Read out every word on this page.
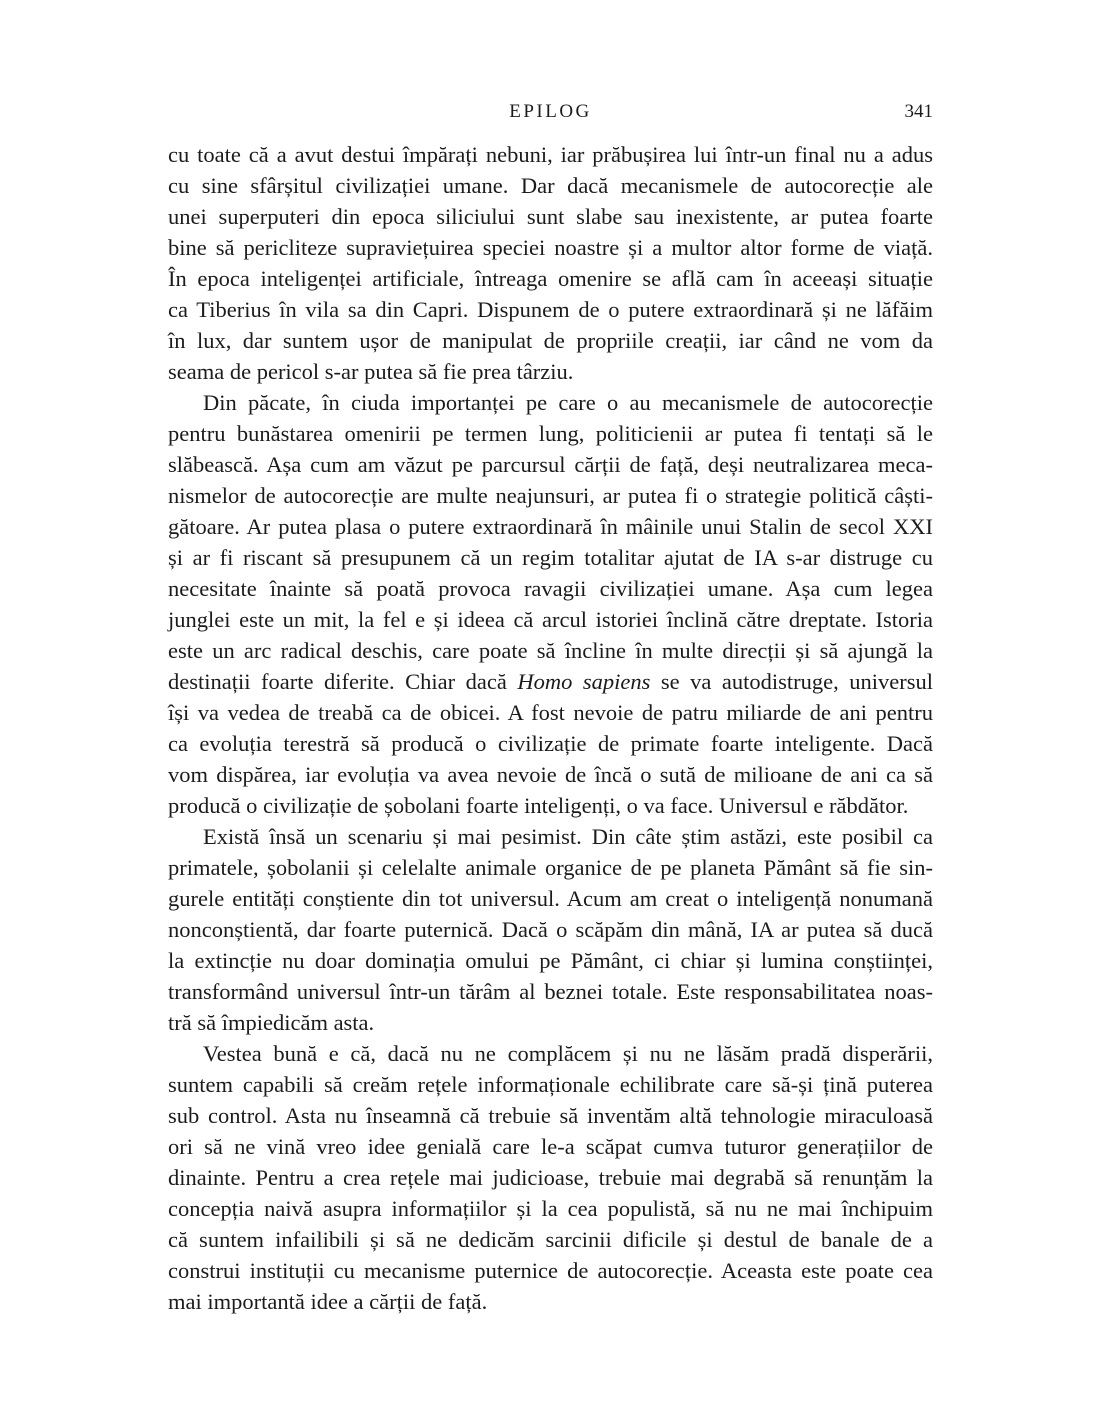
EPILOG	341
cu toate că a avut destui împărați nebuni, iar prăbușirea lui într-un final nu a adus
cu sine sfârșitul civilizației umane. Dar dacă mecanismele de autocorecție ale
unei superputeri din epoca siliciului sunt slabe sau inexistente, ar putea foarte
bine să pericliteze supraviețuirea speciei noastre și a multor altor forme de viață.
În epoca inteligenței artificiale, întreaga omenire se află cam în aceeași situație
ca Tiberius în vila sa din Capri. Dispunem de o putere extraordinară și ne lăfăim
în lux, dar suntem ușor de manipulat de propriile creații, iar când ne vom da
seama de pericol s-ar putea să fie prea târziu.
Din păcate, în ciuda importanței pe care o au mecanismele de autocorecție
pentru bunăstarea omenirii pe termen lung, politicienii ar putea fi tentați să le
slăbească. Așa cum am văzut pe parcursul cărții de față, deși neutralizarea meca-
nismelor de autocorecție are multe neajunsuri, ar putea fi o strategie politică câști-
gătoare. Ar putea plasa o putere extraordinară în mâinile unui Stalin de secol XXI
și ar fi riscant să presupunem că un regim totalitar ajutat de IA s-ar distruge cu
necesitate înainte să poată provoca ravagii civilizației umane. Așa cum legea
junglei este un mit, la fel e și ideea că arcul istoriei înclină către dreptate. Istoria
este un arc radical deschis, care poate să încline în multe direcții și să ajungă la
destinații foarte diferite. Chiar dacă Homo sapiens se va autodistruge, universul
își va vedea de treabă ca de obicei. A fost nevoie de patru miliarde de ani pentru
ca evoluția terestră să producă o civilizație de primate foarte inteligente. Dacă
vom dispărea, iar evoluția va avea nevoie de încă o sută de milioane de ani ca să
producă o civilizație de șobolani foarte inteligenți, o va face. Universul e răbdător.
Există însă un scenariu și mai pesimist. Din câte știm astăzi, este posibil ca
primatele, șobolanii și celelalte animale organice de pe planeta Pământ să fie sin-
gurele entități conștiente din tot universul. Acum am creat o inteligență nonumană
nonconștientă, dar foarte puternică. Dacă o scăpăm din mână, IA ar putea să ducă
la extincție nu doar dominația omului pe Pământ, ci chiar și lumina conștiinței,
transformând universul într-un tărâm al beznei totale. Este responsabilitatea noas-
tră să împiedicăm asta.
Vestea bună e că, dacă nu ne complăcem și nu ne lăsăm pradă disperării,
suntem capabili să creăm rețele informaționale echilibrate care să-și țină puterea
sub control. Asta nu înseamnă că trebuie să inventăm altă tehnologie miraculoasă
ori să ne vină vreo idee genială care le-a scăpat cumva tuturor generațiilor de
dinainte. Pentru a crea rețele mai judicioase, trebuie mai degrabă să renunțăm la
concepția naivă asupra informațiilor și la cea populistă, să nu ne mai închipuim
că suntem infailibili și să ne dedicăm sarcinii dificile și destul de banale de a
construi instituții cu mecanisme puternice de autocorecție. Aceasta este poate cea
mai importantă idee a cărții de față.
